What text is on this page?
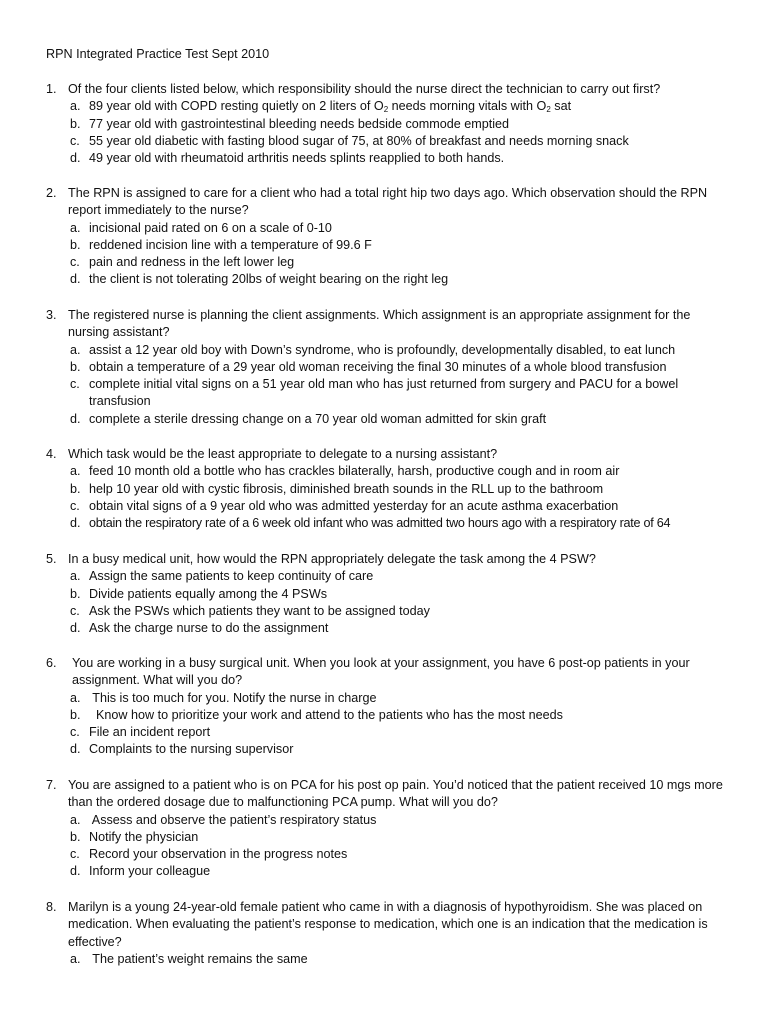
RPN Integrated Practice Test Sept 2010
1. Of the four clients listed below, which responsibility should the nurse direct the technician to carry out first?
a. 89 year old with COPD resting quietly on 2 liters of $O_2$ needs morning vitals with $O_2$ sat
b. 77 year old with gastrointestinal bleeding needs bedside commode emptied
c. 55 year old diabetic with fasting blood sugar of 75, at 80% of breakfast and needs morning snack
d. 49 year old with rheumatoid arthritis needs splints reapplied to both hands.
2. The RPN is assigned to care for a client who had a total right hip two days ago. Which observation should the RPN report immediately to the nurse?
a. incisional paid rated on 6 on a scale of 0-10
b. reddened incision line with a temperature of 99.6 F
c. pain and redness in the left lower leg
d. the client is not tolerating 20lbs of weight bearing on the right leg
3. The registered nurse is planning the client assignments. Which assignment is an appropriate assignment for the nursing assistant?
a. assist a 12 year old boy with Down’s syndrome, who is profoundly, developmentally disabled, to eat lunch
b. obtain a temperature of a 29 year old woman receiving the final 30 minutes of a whole blood transfusion
c. complete initial vital signs on a 51 year old man who has just returned from surgery and PACU for a bowel transfusion
d. complete a sterile dressing change on a 70 year old woman admitted for skin graft
4. Which task would be the least appropriate to delegate to a nursing assistant?
a. feed 10 month old a bottle who has crackles bilaterally, harsh, productive cough and in room air
b. help 10 year old with cystic fibrosis, diminished breath sounds in the RLL up to the bathroom
c. obtain vital signs of a 9 year old who was admitted yesterday for an acute asthma exacerbation
d. obtain the respiratory rate of a 6 week old infant who was admitted two hours ago with a respiratory rate of 64
5. In a busy medical unit, how would the RPN appropriately delegate the task among the 4 PSW?
a. Assign the same patients to keep continuity of care
b. Divide patients equally among the 4 PSWs
c. Ask the PSWs which patients they want to be assigned today
d. Ask the charge nurse to do the assignment
6.	You are working in a busy surgical unit. When you look at your assignment, you have 6 post-op patients in your assignment. What will you do?
a. This is too much for you. Notify the nurse in charge
b. Know how to prioritize your work and attend to the patients who has the most needs
c. File an incident report
d. Complaints to the nursing supervisor
7. You are assigned to a patient who is on PCA for his post op pain. You’d noticed that the patient received 10 mgs more than the ordered dosage due to malfunctioning PCA pump. What will you do?
a. Assess and observe the patient’s respiratory status
b. Notify the physician
c. Record your observation in the progress notes
d. Inform your colleague
8. Marilyn is a young 24-year-old female patient who came in with a diagnosis of hypothyroidism. She was placed on medication. When evaluating the patient’s response to medication, which one is an indication that the medication is effective?
a. The patient’s weight remains the same
